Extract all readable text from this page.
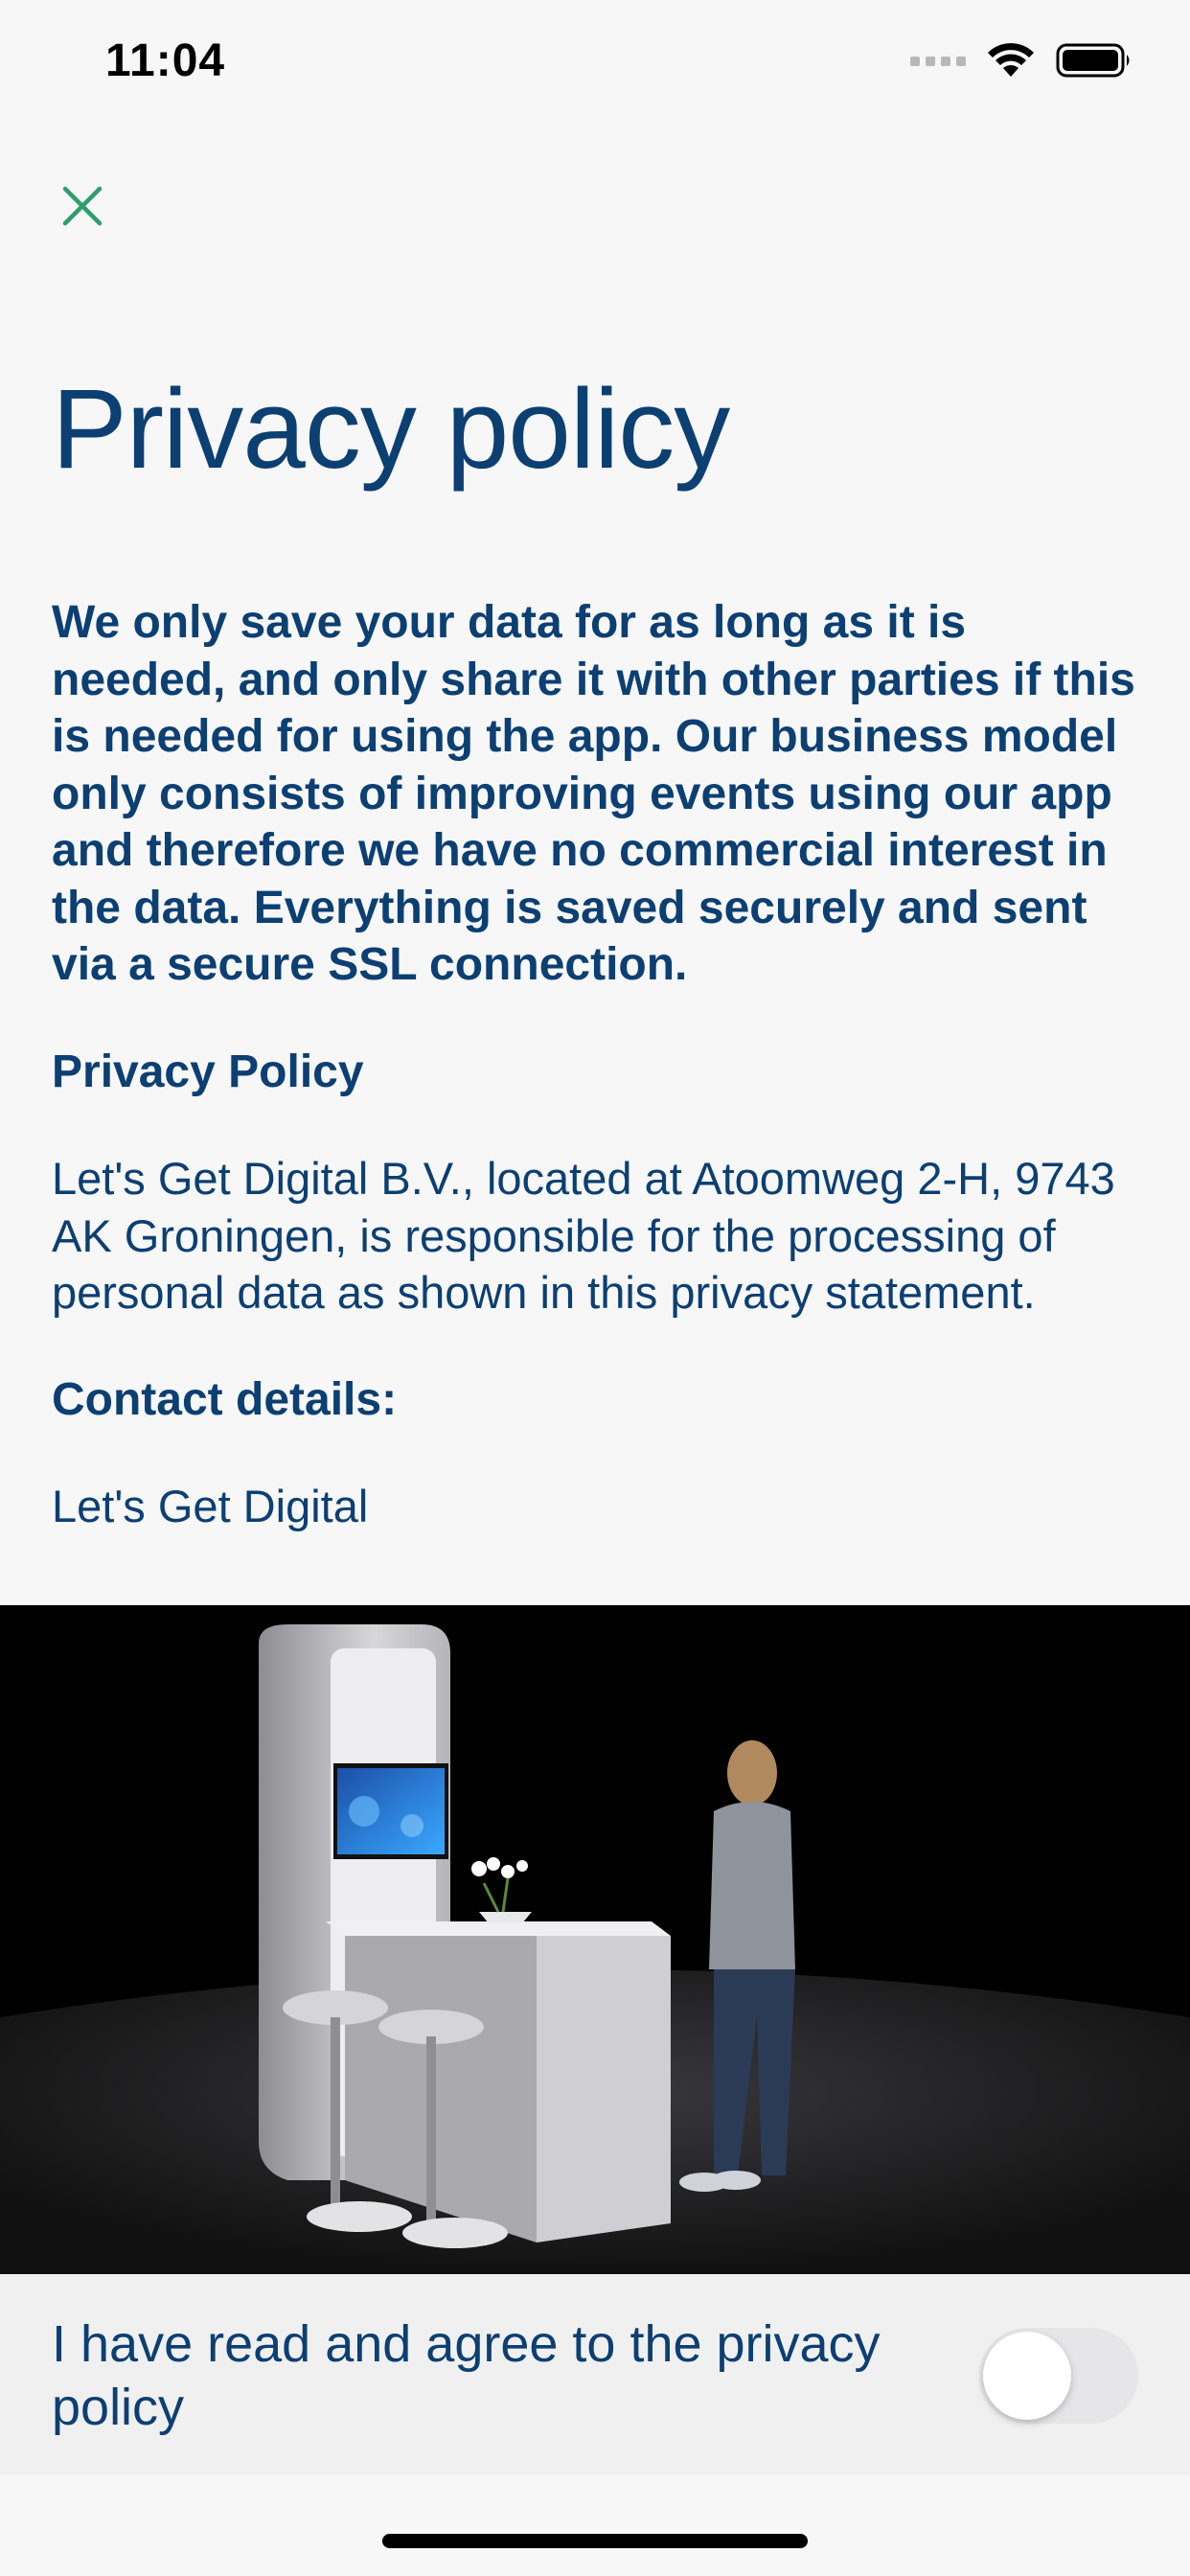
11:04
Privacy policy

We only save your data for as long as it is needed, and only share it with other parties if this is needed for using the app. Our business model only consists of improving events using our app and therefore we have no commercial interest in the data. Everything is saved securely and sent via a secure SSL connection.

Privacy Policy

Let's Get Digital B.V., located at Atoomweg 2-H, 9743 AK Groningen, is responsible for the processing of personal data as shown in this privacy statement.

Contact details:

Let's Get Digital

I have read and agree to the privacy policy
